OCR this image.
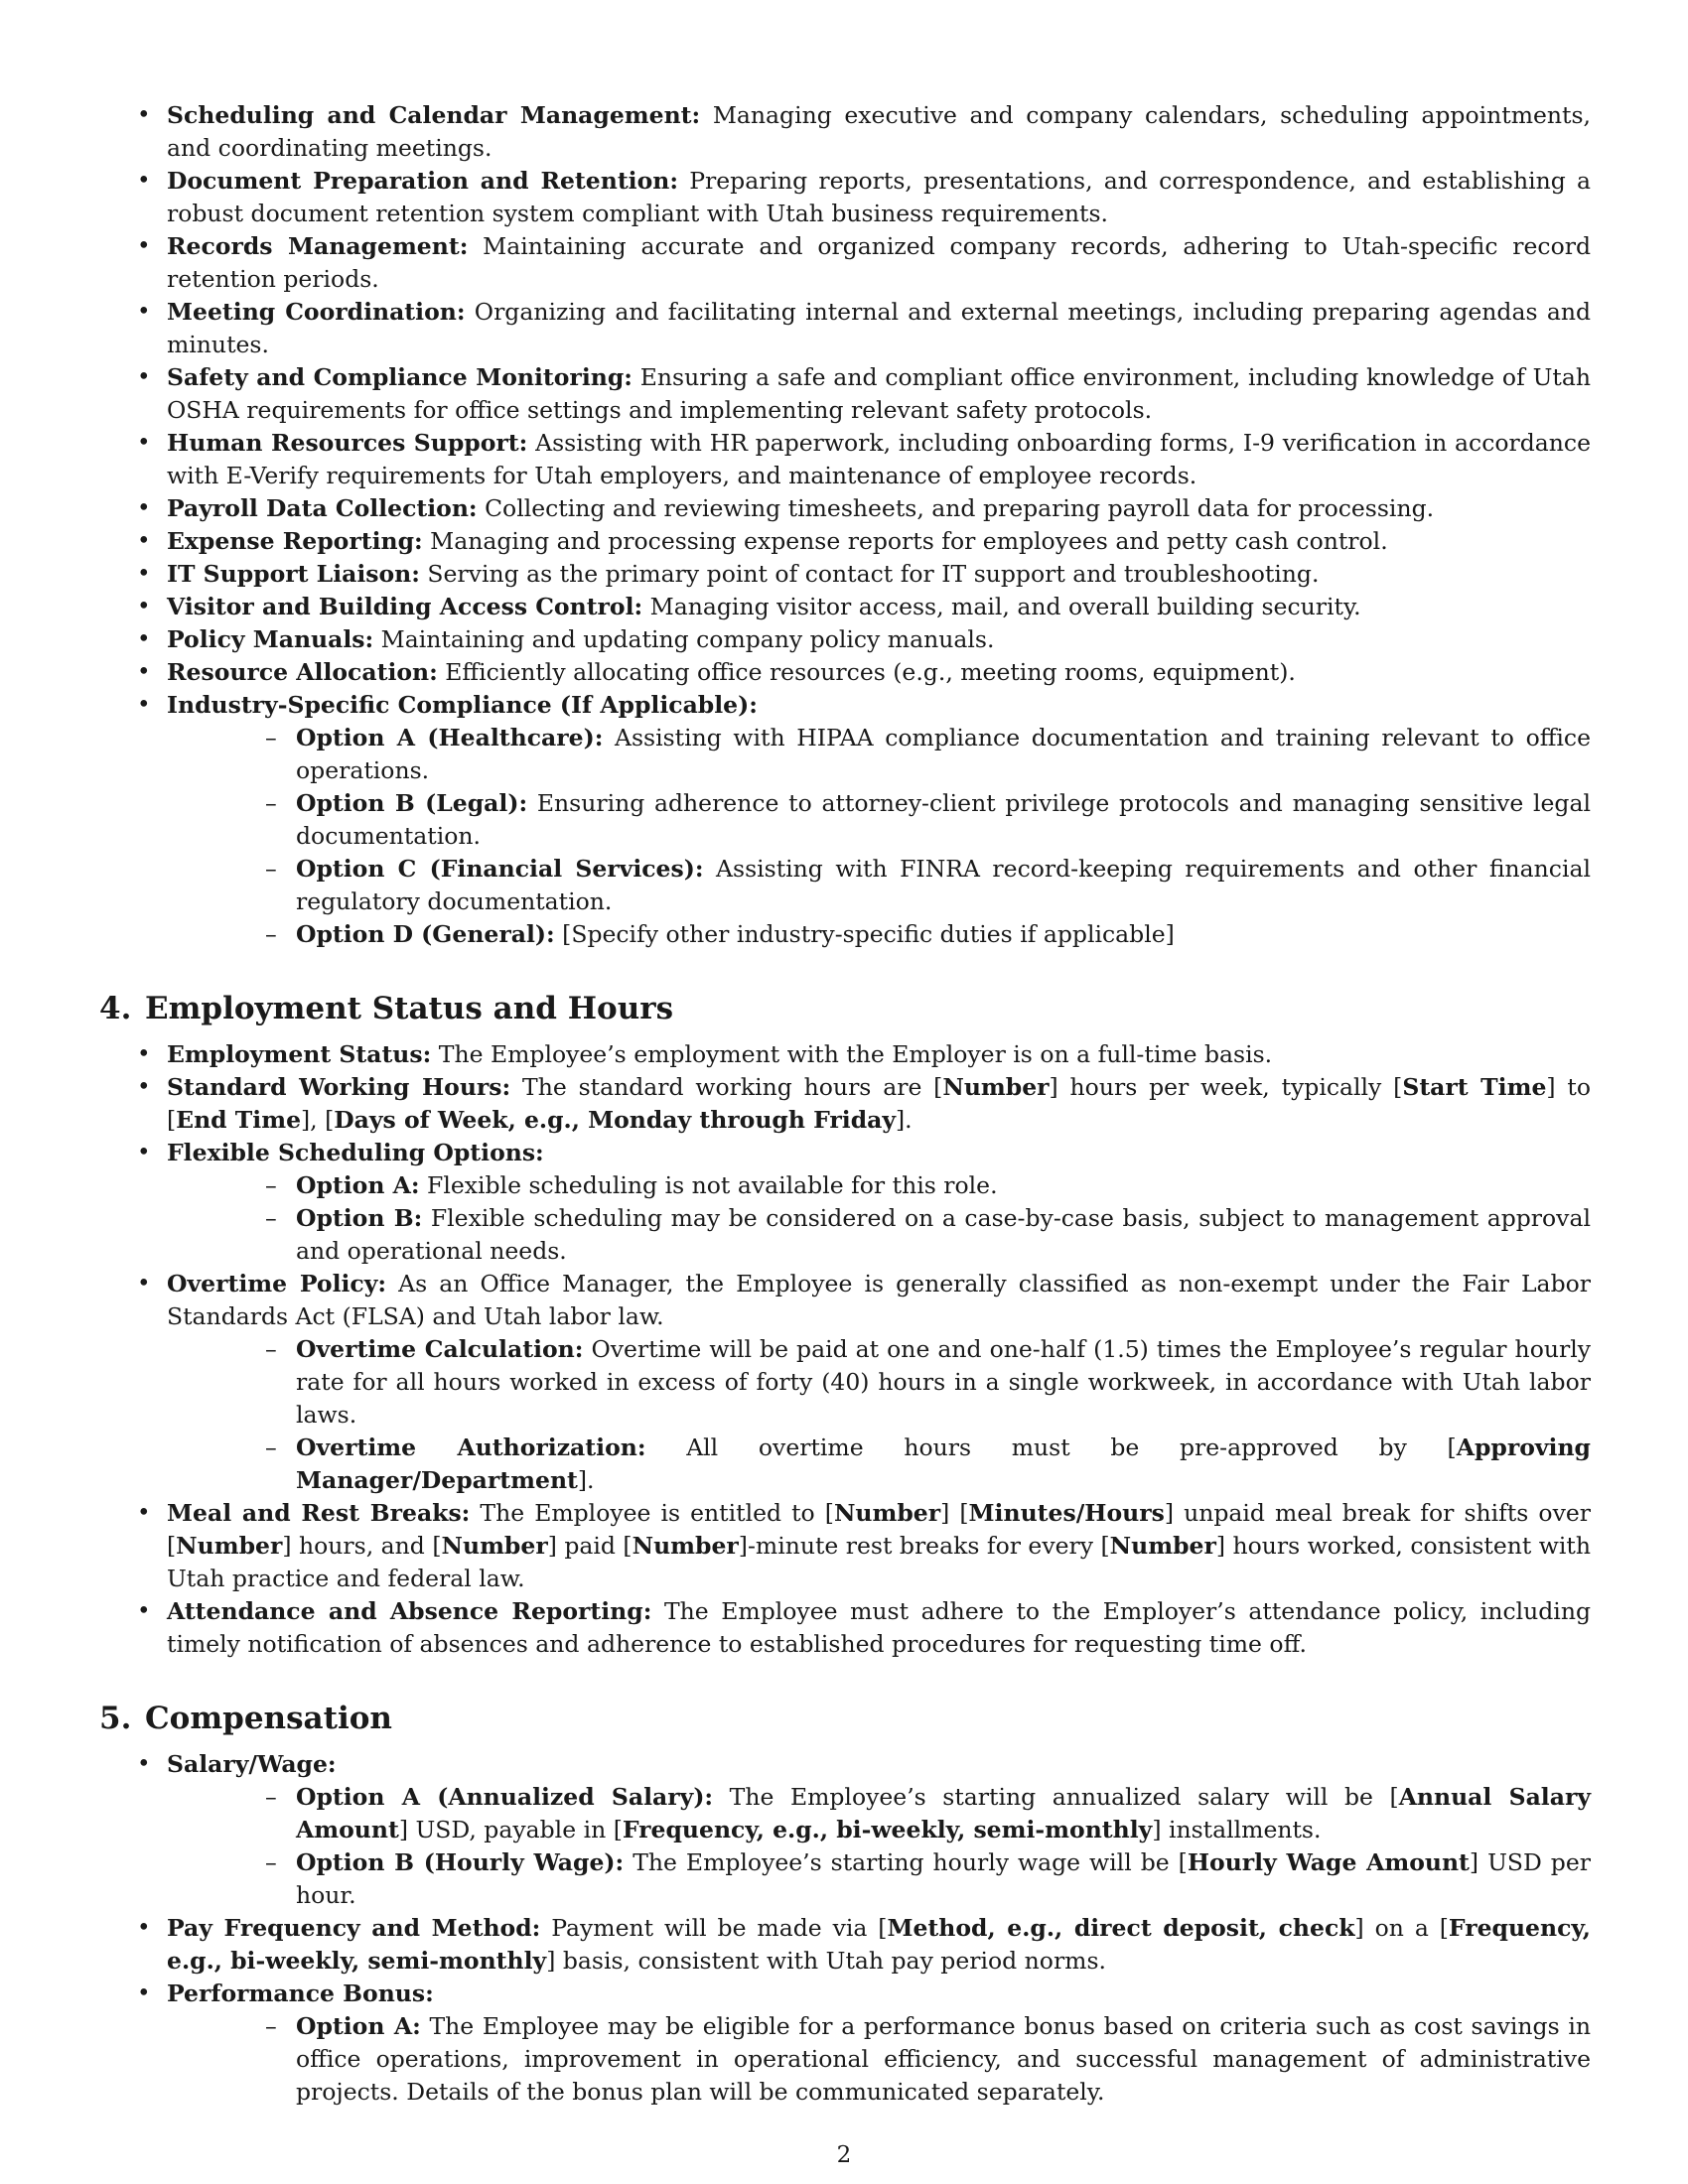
• Scheduling and Calendar Management: Managing executive and company calendars, scheduling appointments, and coordinating meetings.
• Document Preparation and Retention: Preparing reports, presentations, and correspondence, and establishing a robust document retention system compliant with Utah business requirements.
• Records Management: Maintaining accurate and organized company records, adhering to Utah-specific record retention periods.
• Meeting Coordination: Organizing and facilitating internal and external meetings, including preparing agendas and minutes.
• Safety and Compliance Monitoring: Ensuring a safe and compliant office environment, including knowledge of Utah OSHA requirements for office settings and implementing relevant safety protocols.
• Human Resources Support: Assisting with HR paperwork, including onboarding forms, I-9 verification in accordance with E-Verify requirements for Utah employers, and maintenance of employee records.
• Payroll Data Collection: Collecting and reviewing timesheets, and preparing payroll data for processing.
• Expense Reporting: Managing and processing expense reports for employees and petty cash control.
• IT Support Liaison: Serving as the primary point of contact for IT support and troubleshooting.
• Visitor and Building Access Control: Managing visitor access, mail, and overall building security.
• Policy Manuals: Maintaining and updating company policy manuals.
• Resource Allocation: Efficiently allocating office resources (e.g., meeting rooms, equipment).
• Industry-Specific Compliance (If Applicable):
– Option A (Healthcare): Assisting with HIPAA compliance documentation and training relevant to office operations.
– Option B (Legal): Ensuring adherence to attorney-client privilege protocols and managing sensitive legal documentation.
– Option C (Financial Services): Assisting with FINRA record-keeping requirements and other financial regulatory documentation.
– Option D (General): [Specify other industry-specific duties if applicable]
4. Employment Status and Hours
• Employment Status: The Employee’s employment with the Employer is on a full-time basis.
• Standard Working Hours: The standard working hours are [Number] hours per week, typically [Start Time] to [End Time], [Days of Week, e.g., Monday through Friday].
• Flexible Scheduling Options:
– Option A: Flexible scheduling is not available for this role.
– Option B: Flexible scheduling may be considered on a case-by-case basis, subject to management approval and operational needs.
• Overtime Policy: As an Office Manager, the Employee is generally classified as non-exempt under the Fair Labor Standards Act (FLSA) and Utah labor law.
– Overtime Calculation: Overtime will be paid at one and one-half (1.5) times the Employee’s regular hourly rate for all hours worked in excess of forty (40) hours in a single workweek, in accordance with Utah labor laws.
– Overtime Authorization: All overtime hours must be pre-approved by [Approving Manager/Department].
• Meal and Rest Breaks: The Employee is entitled to [Number] [Minutes/Hours] unpaid meal break for shifts over [Number] hours, and [Number] paid [Number]-minute rest breaks for every [Number] hours worked, consistent with Utah practice and federal law.
• Attendance and Absence Reporting: The Employee must adhere to the Employer’s attendance policy, including timely notification of absences and adherence to established procedures for requesting time off.
5. Compensation
• Salary/Wage:
– Option A (Annualized Salary): The Employee’s starting annualized salary will be [Annual Salary Amount] USD, payable in [Frequency, e.g., bi-weekly, semi-monthly] installments.
– Option B (Hourly Wage): The Employee’s starting hourly wage will be [Hourly Wage Amount] USD per hour.
• Pay Frequency and Method: Payment will be made via [Method, e.g., direct deposit, check] on a [Frequency, e.g., bi-weekly, semi-monthly] basis, consistent with Utah pay period norms.
• Performance Bonus:
– Option A: The Employee may be eligible for a performance bonus based on criteria such as cost savings in office operations, improvement in operational efficiency, and successful management of administrative projects. Details of the bonus plan will be communicated separately.
2
